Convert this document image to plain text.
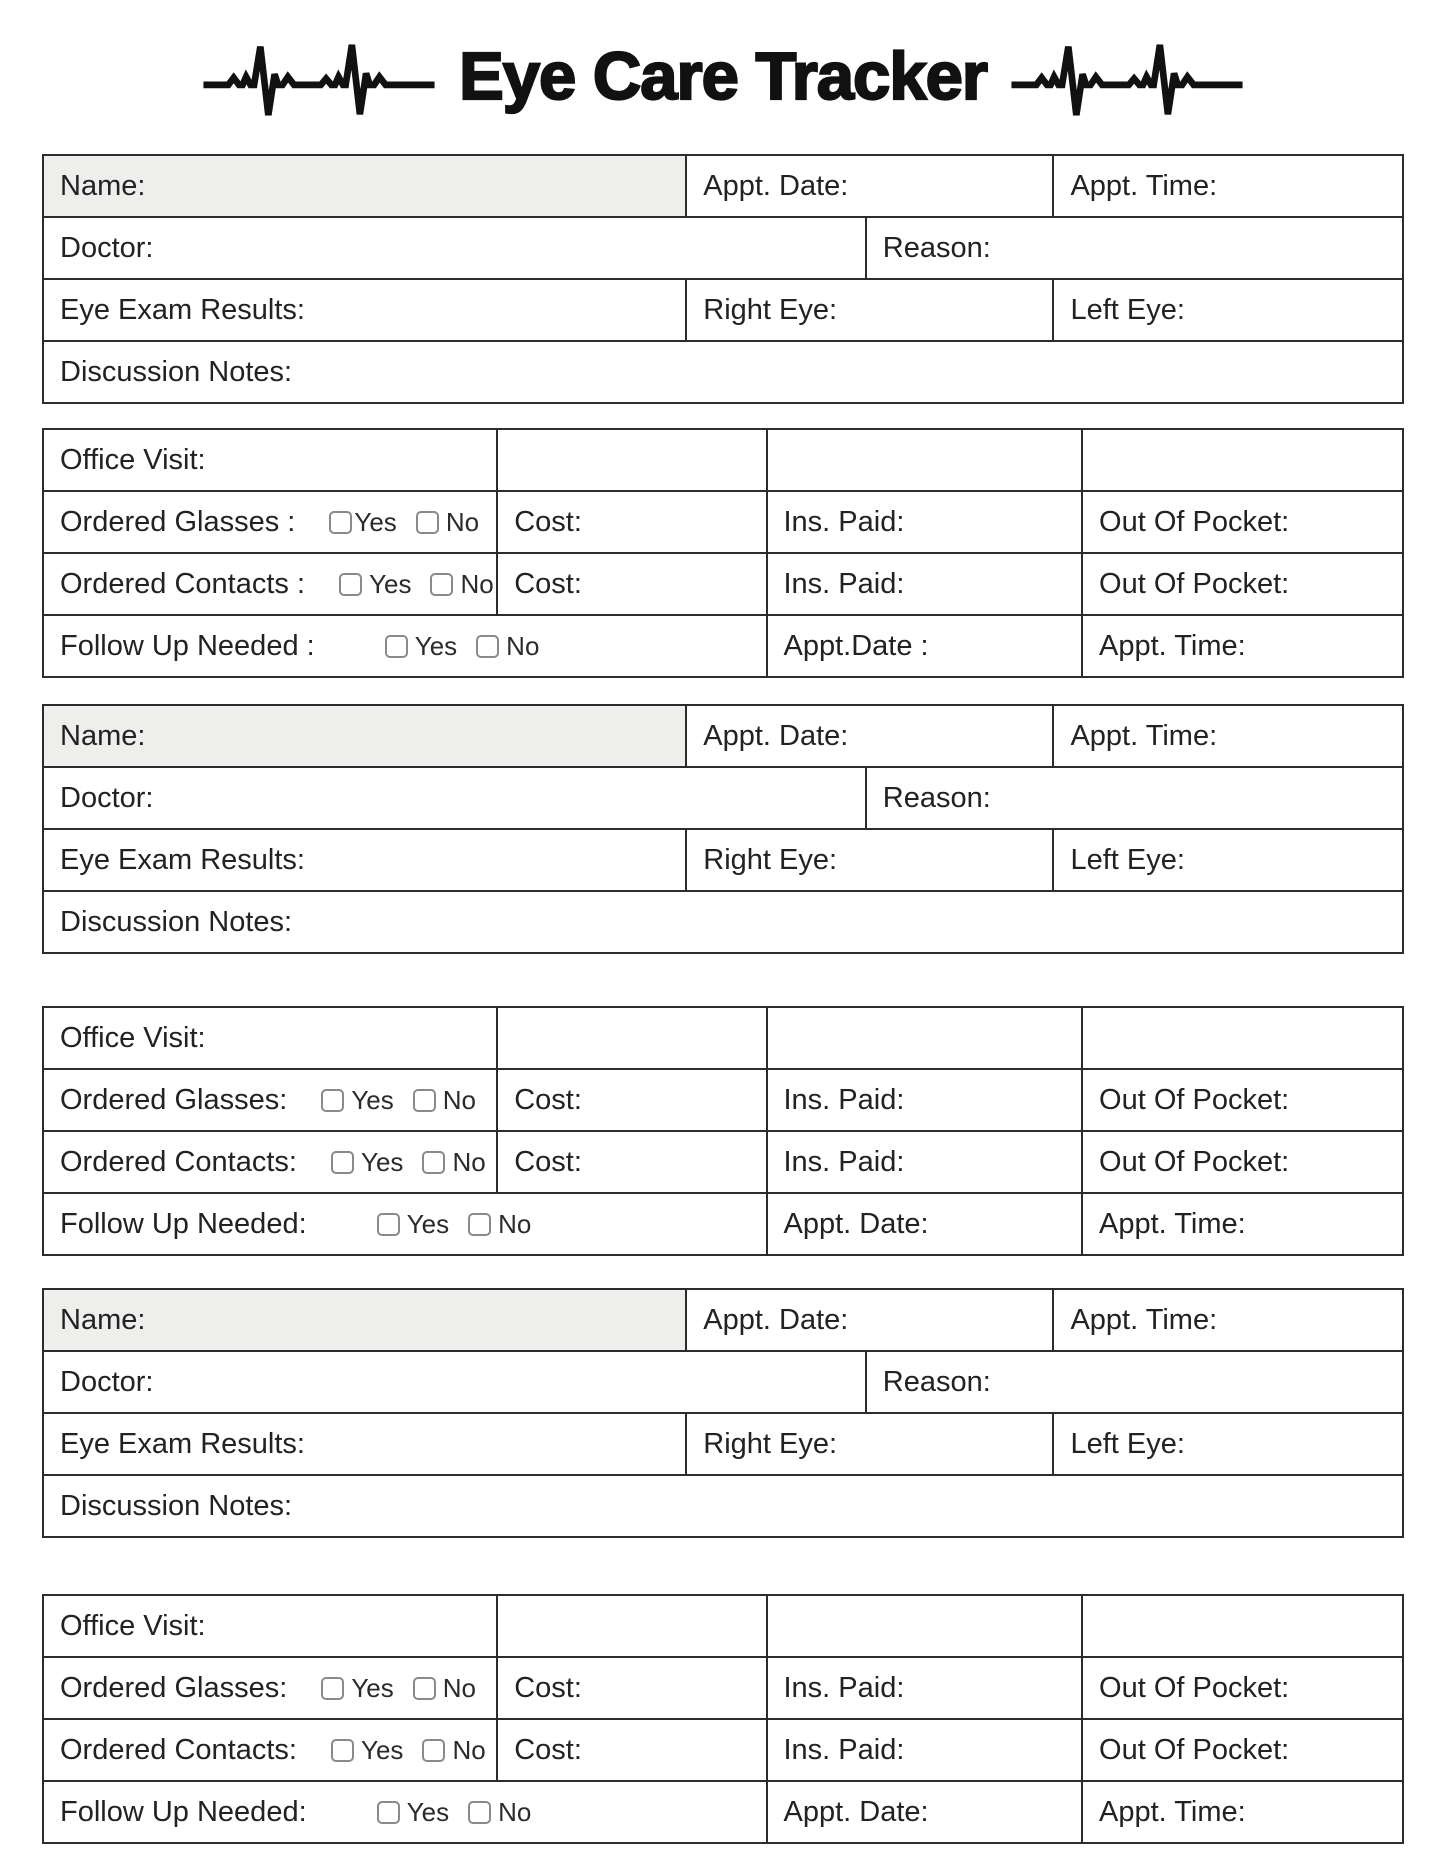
Eye Care Tracker
Name:	Appt. Date:		Appt. Time:
Doctor:		Reason:	
Eye Exam Results:	Right Eye:		Left Eye:
Discussion Notes:			
Office Visit:			
Ordered Glasses : Yes No	Cost:	Ins. Paid:	Out Of Pocket:
Ordered Contacts : Yes No	Cost:	Ins. Paid:	Out Of Pocket:
Follow Up Needed : Yes No		Appt.Date :	Appt. Time:
Name:	Appt. Date:		Appt. Time:
Doctor:		Reason:	
Eye Exam Results:	Right Eye:		Left Eye:
Discussion Notes:			
Office Visit:			
Ordered Glasses: Yes No	Cost:	Ins. Paid:	Out Of Pocket:
Ordered Contacts: Yes No	Cost:	Ins. Paid:	Out Of Pocket:
Follow Up Needed: Yes No		Appt. Date:	Appt. Time:
Name:	Appt. Date:		Appt. Time:
Doctor:		Reason:	
Eye Exam Results:	Right Eye:		Left Eye:
Discussion Notes:			
Office Visit:			
Ordered Glasses: Yes No	Cost:	Ins. Paid:	Out Of Pocket:
Ordered Contacts: Yes No	Cost:	Ins. Paid:	Out Of Pocket:
Follow Up Needed: Yes No		Appt. Date:	Appt. Time:
